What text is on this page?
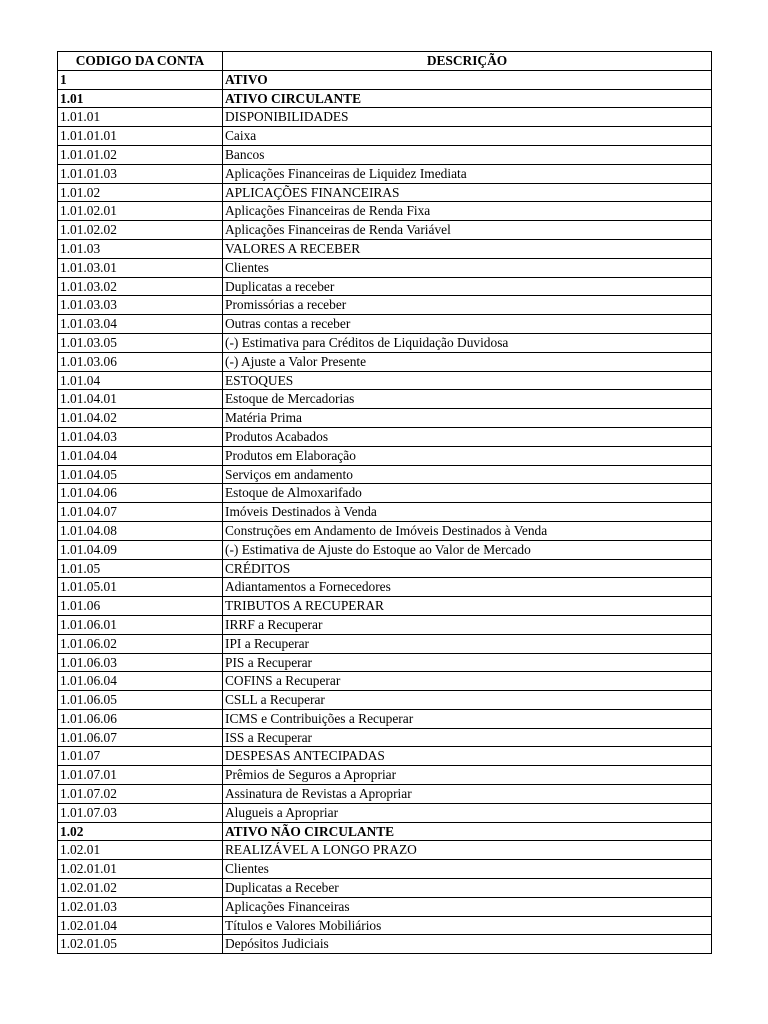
CODIGO DA CONTA	DESCRIÇÃO
1	ATIVO
1.01	ATIVO CIRCULANTE
1.01.01	DISPONIBILIDADES
1.01.01.01	Caixa
1.01.01.02	Bancos
1.01.01.03	Aplicações Financeiras de Liquidez Imediata
1.01.02	APLICAÇÕES FINANCEIRAS
1.01.02.01	Aplicações Financeiras de Renda Fixa
1.01.02.02	Aplicações Financeiras de Renda Variável
1.01.03	VALORES A RECEBER
1.01.03.01	Clientes
1.01.03.02	Duplicatas a receber
1.01.03.03	Promissórias a receber
1.01.03.04	Outras contas a receber
1.01.03.05	(-) Estimativa para Créditos de Liquidação Duvidosa
1.01.03.06	(-) Ajuste a Valor Presente
1.01.04	ESTOQUES
1.01.04.01	Estoque de Mercadorias
1.01.04.02	Matéria Prima
1.01.04.03	Produtos Acabados
1.01.04.04	Produtos em Elaboração
1.01.04.05	Serviços em andamento
1.01.04.06	Estoque de Almoxarifado
1.01.04.07	Imóveis Destinados à Venda
1.01.04.08	Construções em Andamento de Imóveis Destinados à Venda
1.01.04.09	(-) Estimativa de Ajuste do Estoque ao Valor de Mercado
1.01.05	CRÉDITOS
1.01.05.01	Adiantamentos a Fornecedores
1.01.06	TRIBUTOS A RECUPERAR
1.01.06.01	IRRF a Recuperar
1.01.06.02	IPI a Recuperar
1.01.06.03	PIS a Recuperar
1.01.06.04	COFINS a Recuperar
1.01.06.05	CSLL a Recuperar
1.01.06.06	ICMS e Contribuições a Recuperar
1.01.06.07	ISS a Recuperar
1.01.07	DESPESAS ANTECIPADAS
1.01.07.01	Prêmios de Seguros a Apropriar
1.01.07.02	Assinatura de Revistas a Apropriar
1.01.07.03	Alugueis a Apropriar
1.02	ATIVO NÃO CIRCULANTE
1.02.01	REALIZÁVEL A LONGO PRAZO
1.02.01.01	Clientes
1.02.01.02	Duplicatas a Receber
1.02.01.03	Aplicações Financeiras
1.02.01.04	Títulos e Valores Mobiliários
1.02.01.05	Depósitos Judiciais
